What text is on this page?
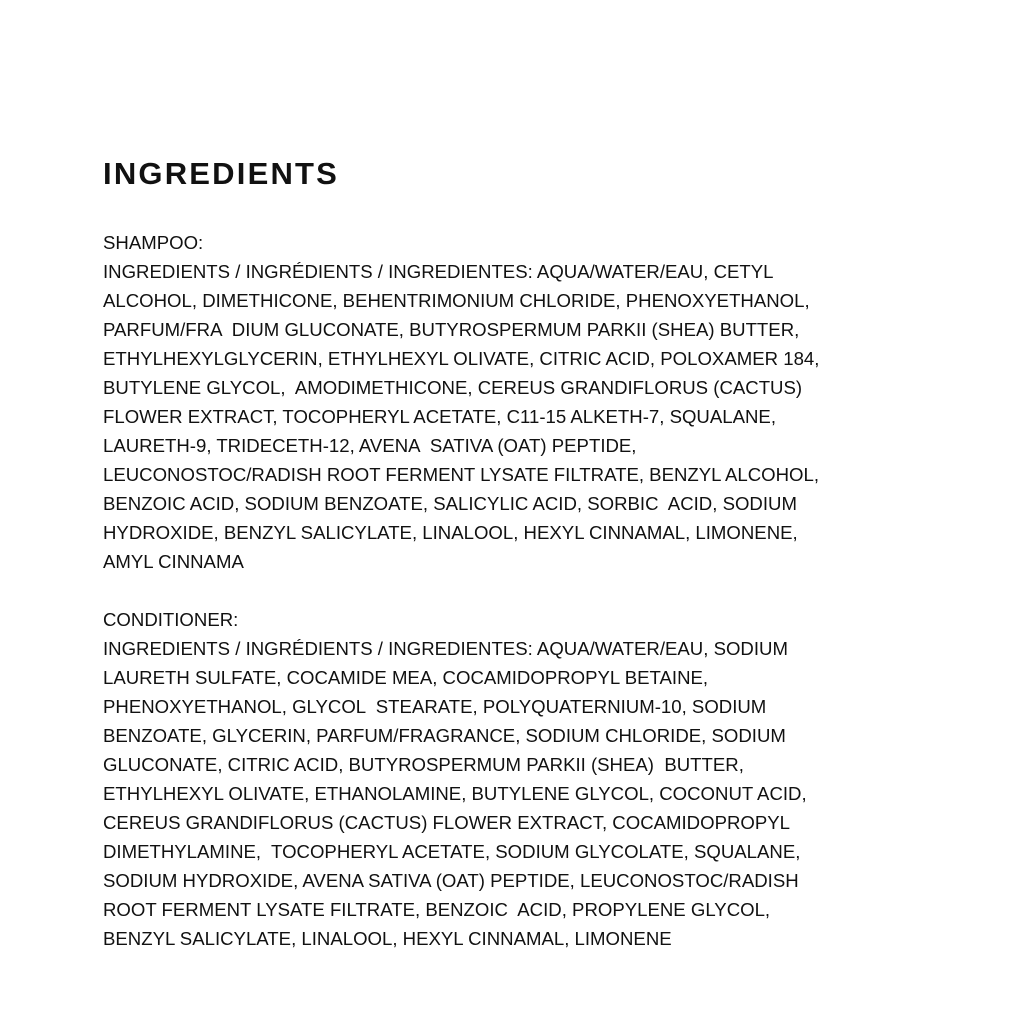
INGREDIENTS
SHAMPOO:
INGREDIENTS / INGRÉDIENTS / INGREDIENTES: AQUA/WATER/EAU, CETYL
ALCOHOL, DIMETHICONE, BEHENTRIMONIUM CHLORIDE, PHENOXYETHANOL,
PARFUM/FRA  DIUM GLUCONATE, BUTYROSPERMUM PARKII (SHEA) BUTTER,
ETHYLHEXYLGLYCERIN, ETHYLHEXYL OLIVATE, CITRIC ACID, POLOXAMER 184,
BUTYLENE GLYCOL,  AMODIMETHICONE, CEREUS GRANDIFLORUS (CACTUS)
FLOWER EXTRACT, TOCOPHERYL ACETATE, C11-15 ALKETH-7, SQUALANE,
LAURETH-9, TRIDECETH-12, AVENA  SATIVA (OAT) PEPTIDE,
LEUCONOSTOC/RADISH ROOT FERMENT LYSATE FILTRATE, BENZYL ALCOHOL,
BENZOIC ACID, SODIUM BENZOATE, SALICYLIC ACID, SORBIC  ACID, SODIUM
HYDROXIDE, BENZYL SALICYLATE, LINALOOL, HEXYL CINNAMAL, LIMONENE,
AMYL CINNAMA
CONDITIONER:
INGREDIENTS / INGRÉDIENTS / INGREDIENTES: AQUA/WATER/EAU, SODIUM
LAURETH SULFATE, COCAMIDE MEA, COCAMIDOPROPYL BETAINE,
PHENOXYETHANOL, GLYCOL  STEARATE, POLYQUATERNIUM-10, SODIUM
BENZOATE, GLYCERIN, PARFUM/FRAGRANCE, SODIUM CHLORIDE, SODIUM
GLUCONATE, CITRIC ACID, BUTYROSPERMUM PARKII (SHEA)  BUTTER,
ETHYLHEXYL OLIVATE, ETHANOLAMINE, BUTYLENE GLYCOL, COCONUT ACID,
CEREUS GRANDIFLORUS (CACTUS) FLOWER EXTRACT, COCAMIDOPROPYL
DIMETHYLAMINE,  TOCOPHERYL ACETATE, SODIUM GLYCOLATE, SQUALANE,
SODIUM HYDROXIDE, AVENA SATIVA (OAT) PEPTIDE, LEUCONOSTOC/RADISH
ROOT FERMENT LYSATE FILTRATE, BENZOIC  ACID, PROPYLENE GLYCOL,
BENZYL SALICYLATE, LINALOOL, HEXYL CINNAMAL, LIMONENE
